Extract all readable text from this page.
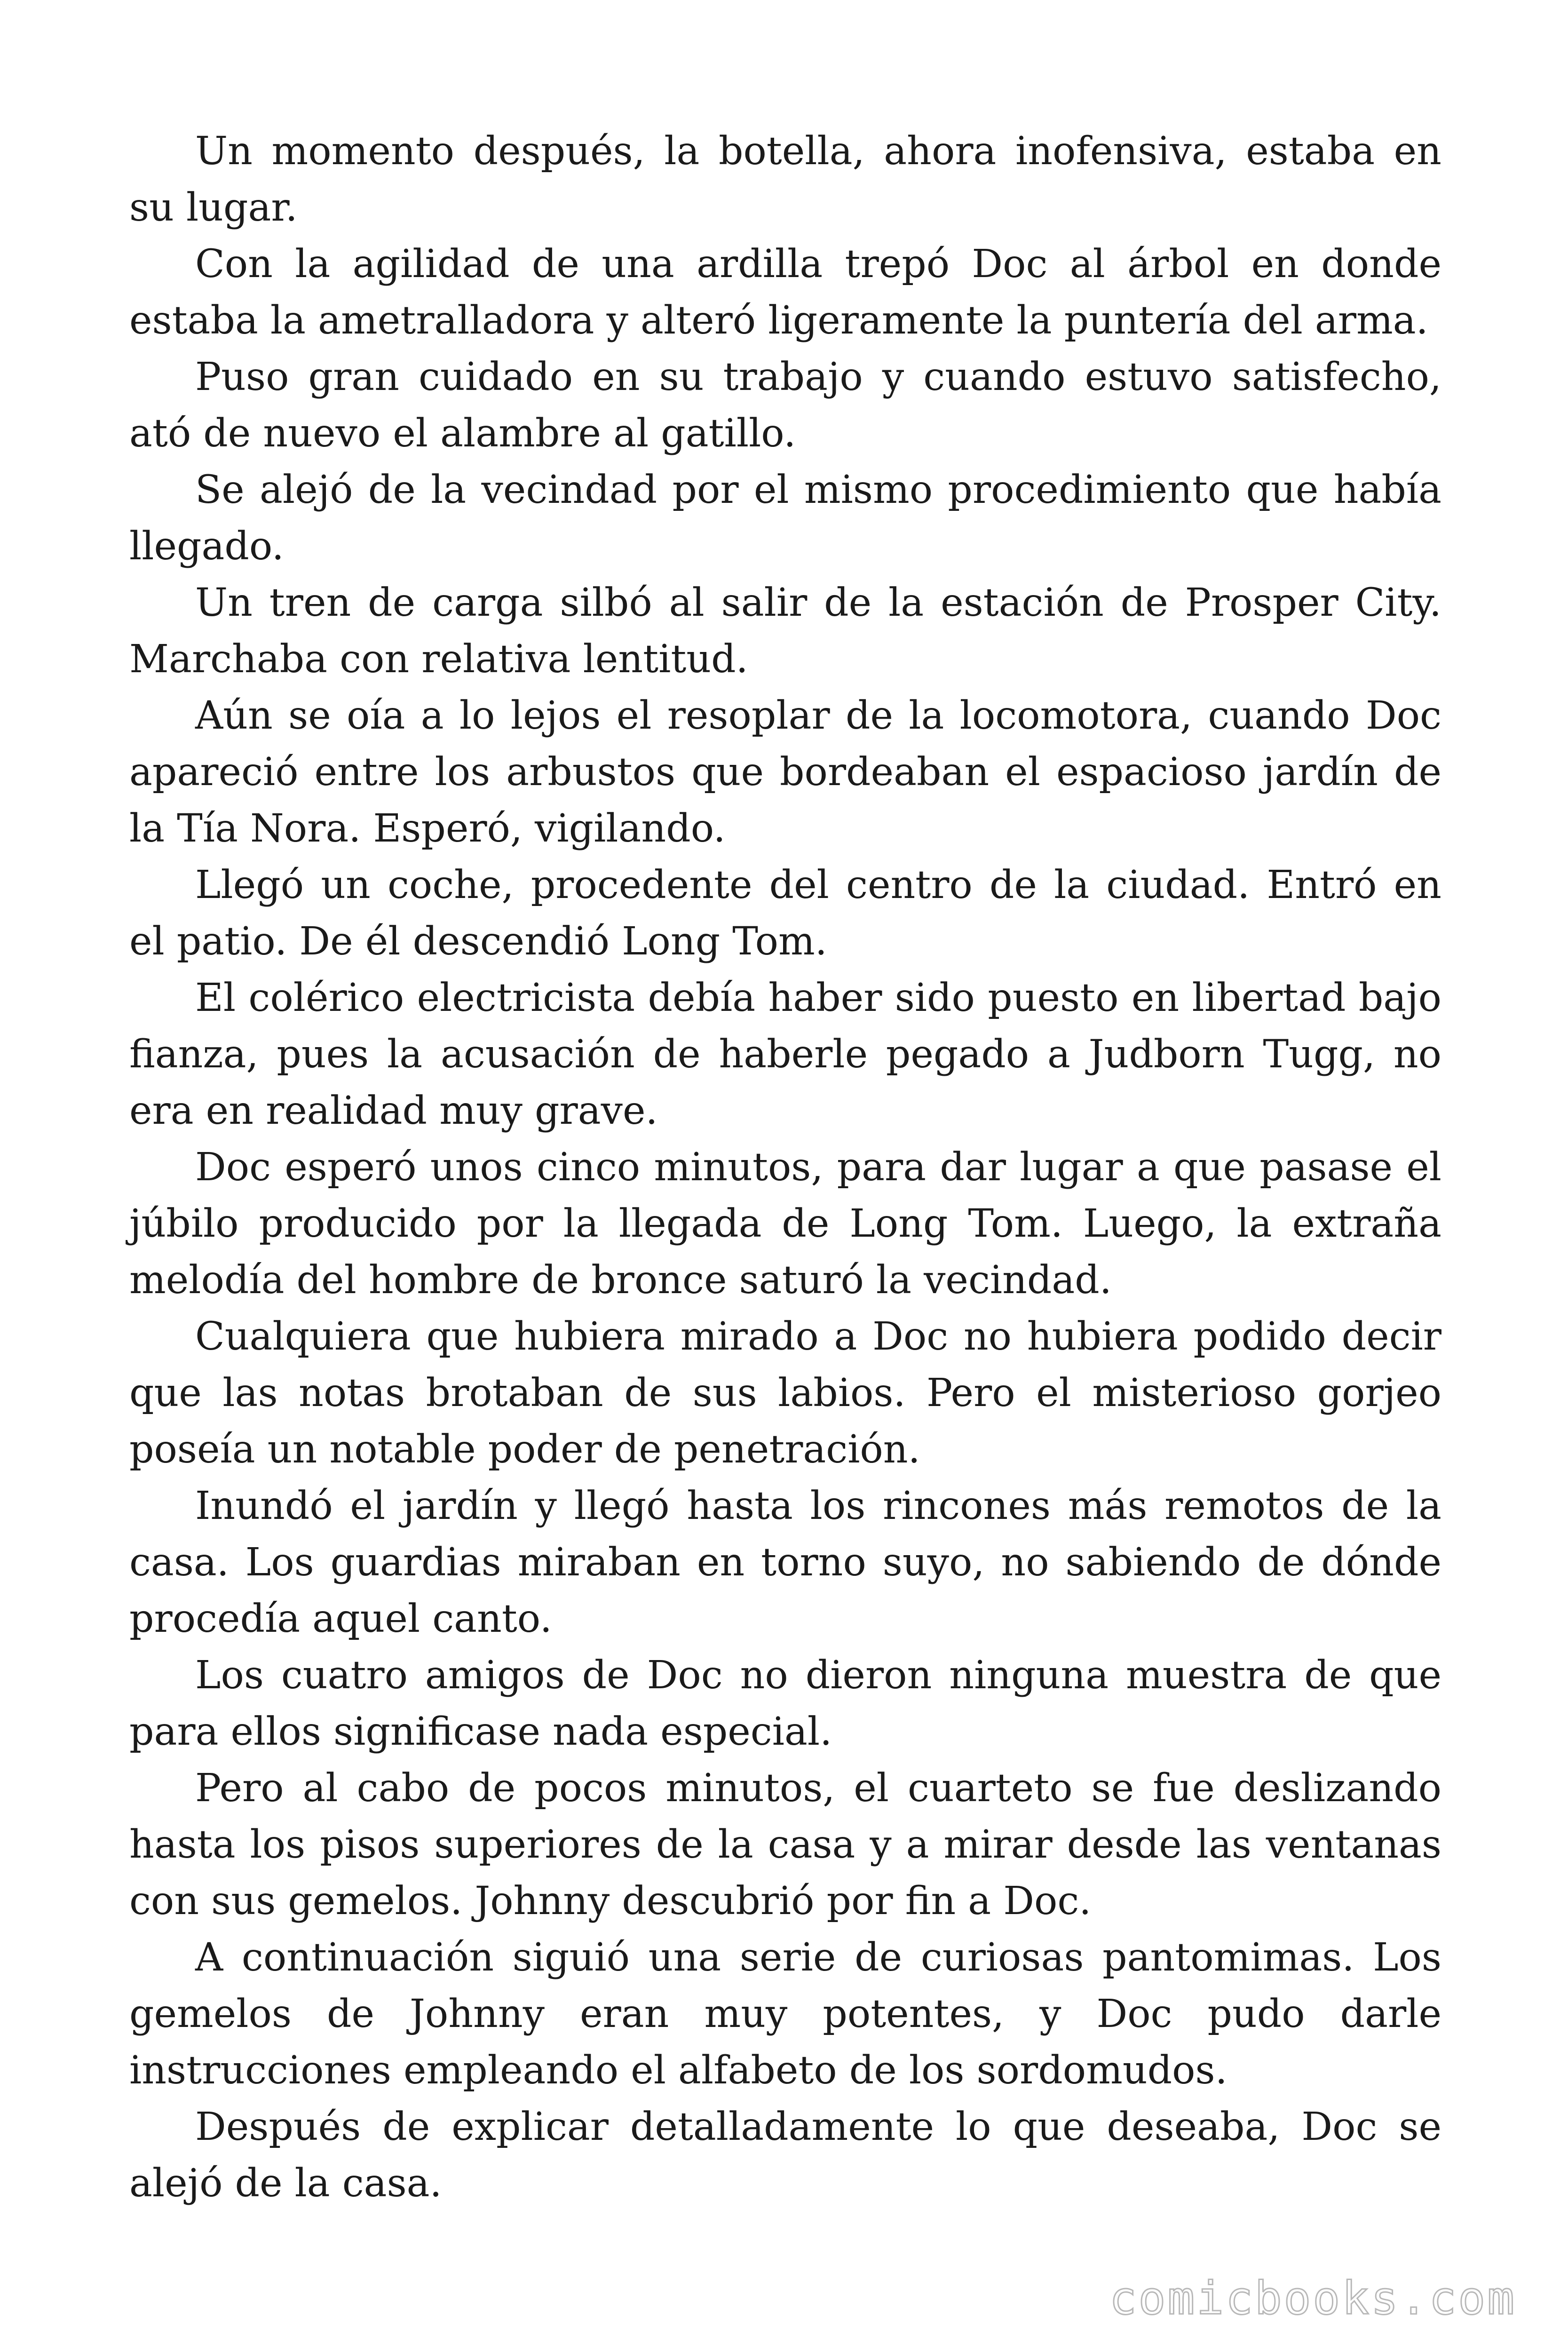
Un momento después, la botella, ahora inofensiva, estaba en su lugar.

Con la agilidad de una ardilla trepó Doc al árbol en donde estaba la ametralladora y alteró ligeramente la puntería del arma.

Puso gran cuidado en su trabajo y cuando estuvo satisfecho, ató de nuevo el alambre al gatillo.

Se alejó de la vecindad por el mismo procedimiento que había llegado.

Un tren de carga silbó al salir de la estación de Prosper City. Marchaba con relativa lentitud.

Aún se oía a lo lejos el resoplar de la locomotora, cuando Doc apareció entre los arbustos que bordeaban el espacioso jardín de la Tía Nora. Esperó, vigilando.

Llegó un coche, procedente del centro de la ciudad. Entró en el patio. De él descendió Long Tom.

El colérico electricista debía haber sido puesto en libertad bajo fianza, pues la acusación de haberle pegado a Judborn Tugg, no era en realidad muy grave.

Doc esperó unos cinco minutos, para dar lugar a que pasase el júbilo producido por la llegada de Long Tom. Luego, la extraña melodía del hombre de bronce saturó la vecindad.

Cualquiera que hubiera mirado a Doc no hubiera podido decir que las notas brotaban de sus labios. Pero el misterioso gorjeo poseía un notable poder de penetración.

Inundó el jardín y llegó hasta los rincones más remotos de la casa. Los guardias miraban en torno suyo, no sabiendo de dónde procedía aquel canto.

Los cuatro amigos de Doc no dieron ninguna muestra de que para ellos significase nada especial.

Pero al cabo de pocos minutos, el cuarteto se fue deslizando hasta los pisos superiores de la casa y a mirar desde las ventanas con sus gemelos. Johnny descubrió por fin a Doc.

A continuación siguió una serie de curiosas pantomimas. Los gemelos de Johnny eran muy potentes, y Doc pudo darle instrucciones empleando el alfabeto de los sordomudos.

Después de explicar detalladamente lo que deseaba, Doc se alejó de la casa.

comicbooks.com
